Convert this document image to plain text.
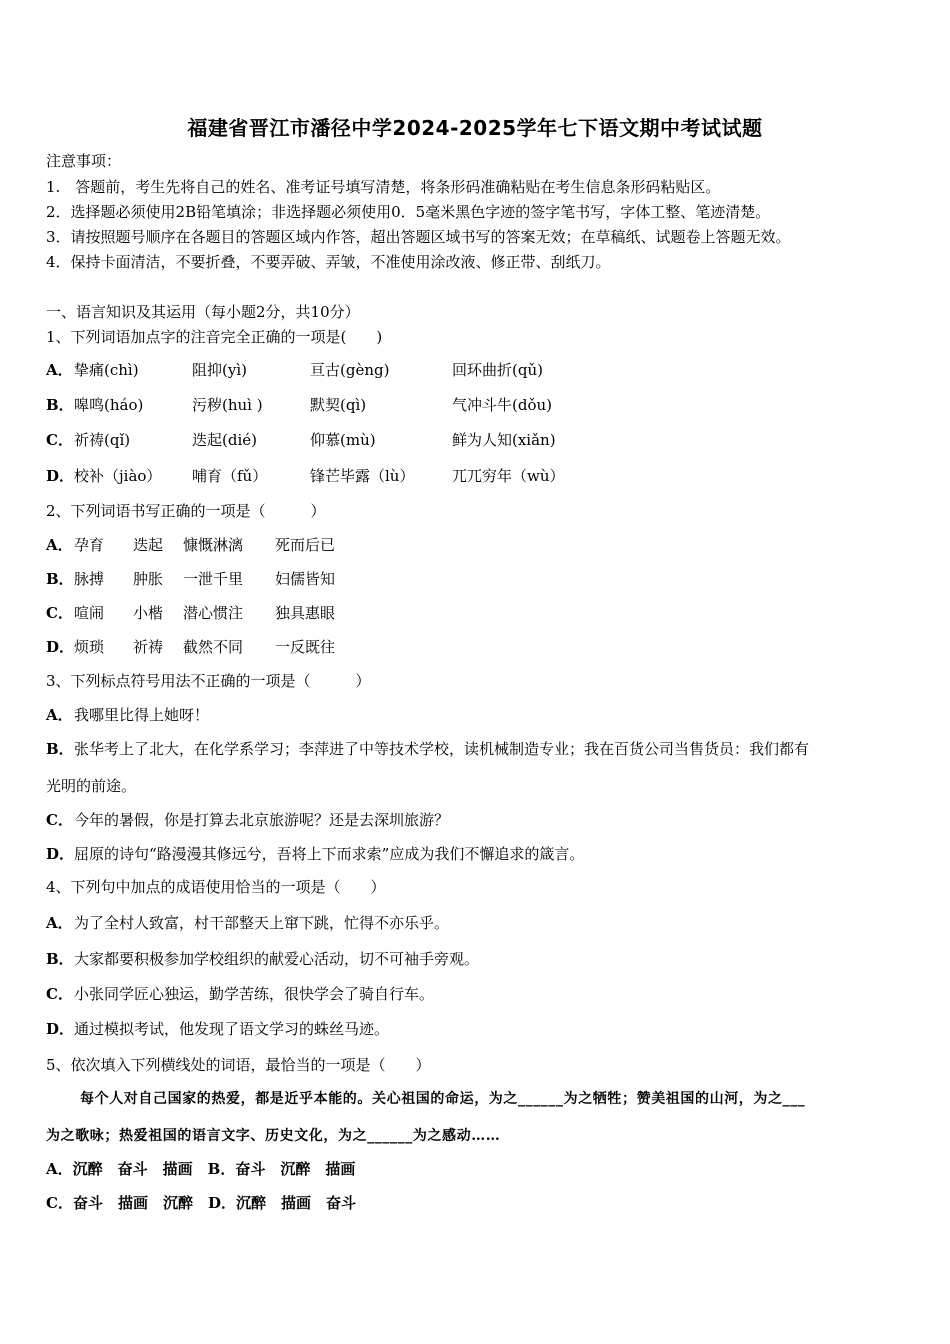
福建省晋江市潘径中学2024-2025学年七下语文期中考试试题
注意事项：
1.　答题前，考生先将自己的姓名、准考证号填写清楚，将条形码准确粘贴在考生信息条形码粘贴区。
2．选择题必须使用2B铅笔填涂；非选择题必须使用0．5毫米黑色字迹的签字笔书写，字体工整、笔迹清楚。
3．请按照题号顺序在各题目的答题区域内作答，超出答题区域书写的答案无效；在草稿纸、试题卷上答题无效。
4．保持卡面清洁，不要折叠，不要弄破、弄皱，不准使用涂改液、修正带、刮纸刀。
一、语言知识及其运用（每小题2分，共10分）
1、下列词语加点字的注音完全正确的一项是(　　)
A． 挚痛(chì)	阻抑(yì)	亘古(gèng)	回环曲折(qǔ)
B． 嗥鸣(háo)	污秽(huì )	默契(qì)	气冲斗牛(dǒu)
C． 祈祷(qǐ)	迭起(dié)	仰慕(mù)	鲜为人知(xiǎn)
D． 校补（jiào） 哺育（fǔ）	锋芒毕露（lù）	兀兀穷年（wù）
2、下列词语书写正确的一项是（　　　）
A． 孕育 迭起 慷慨淋漓 死而后已
B． 脉搏 肿胀 一泄千里 妇儒皆知
C． 喧闹 小楷 潜心惯注 独具惠眼
D． 烦琐 祈祷 截然不同 一反既往
3、下列标点符号用法不正确的一项是（　　　）
A． 我哪里比得上她呀！
B． 张华考上了北大，在化学系学习；李萍进了中等技术学校，读机械制造专业；我在百货公司当售货员：我们都有
光明的前途。
C． 今年的暑假，你是打算去北京旅游呢？还是去深圳旅游？
D． 屈原的诗句“路漫漫其修远兮，吾将上下而求索”应成为我们不懈追求的箴言。
4、下列句中加点的成语使用恰当的一项是（　　）
A． 为了全村人致富，村干部整天上窜下跳，忙得不亦乐乎。
B． 大家都要积极参加学校组织的献爱心活动，切不可袖手旁观。
C． 小张同学匠心独运，勤学苦练，很快学会了骑自行车。
D． 通过模拟考试，他发现了语文学习的蛛丝马迹。
5、依次填入下列横线处的词语，最恰当的一项是（　　）
每个人对自己国家的热爱，都是近乎本能的。关心祖国的命运，为之______为之牺牲；赞美祖国的山河，为之___
为之歌咏；热爱祖国的语言文字、历史文化，为之______为之感动……
A．沉醉　奋斗　描画　B．奋斗　沉醉　描画
C．奋斗　描画　沉醉　D．沉醉　描画　奋斗
